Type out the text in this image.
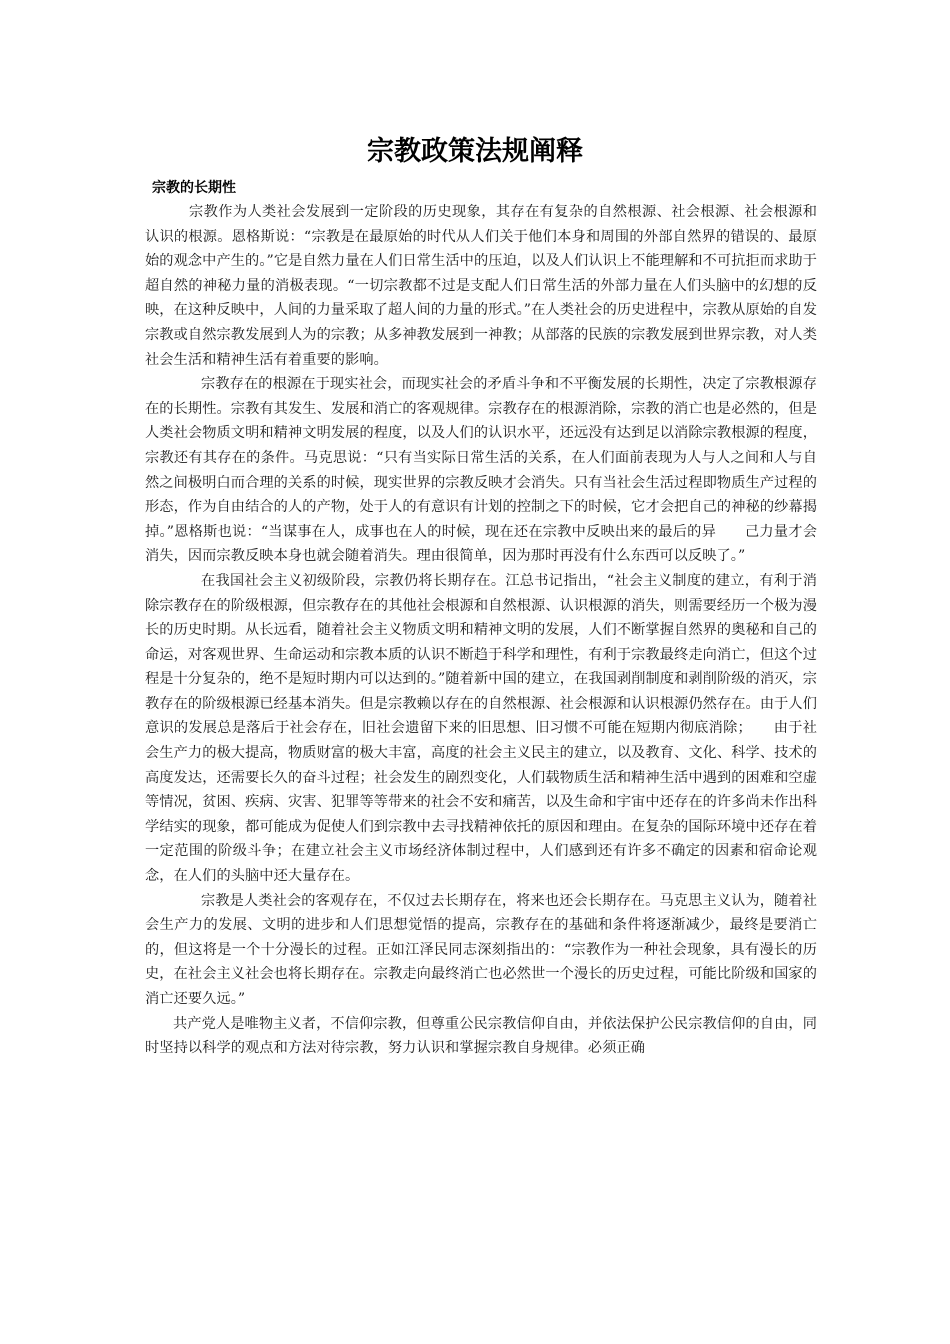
宗教政策法规阐释
宗教的长期性

宗教作为人类社会发展到一定阶段的历史现象，其存在有复杂的自然根源、社会根源、社会根源和认识的根源。恩格斯说：“宗教是在最原始的时代从人们关于他们本身和周围的外部自然界的错误的、最原始的观念中产生的。”它是自然力量在人们日常生活中的压迫，以及人们认识上不能理解和不可抗拒而求助于超自然的神秘力量的消极表现。“一切宗教都不过是支配人们日常生活的外部力量在人们头脑中的幻想的反映，在这种反映中，人间的力量采取了超人间的力量的形式。”在人类社会的历史进程中，宗教从原始的自发宗教或自然宗教发展到人为的宗教；从多神教发展到一神教；从部落的民族的宗教发展到世界宗教，对人类社会生活和精神生活有着重要的影响。

宗教存在的根源在于现实社会，而现实社会的矛盾斗争和不平衡发展的长期性，决定了宗教根源存在的长期性。宗教有其发生、发展和消亡的客观规律。宗教存在的根源消除，宗教的消亡也是必然的，但是人类社会物质文明和精神文明发展的程度，以及人们的认识水平，还远没有达到足以消除宗教根源的程度，宗教还有其存在的条件。马克思说：“只有当实际日常生活的关系，在人们面前表现为人与人之间和人与自然之间极明白而合理的关系的时候，现实世界的宗教反映才会消失。只有当社会生活过程即物质生产过程的形态，作为自由结合的人的产物，处于人的有意识有计划的控制之下的时候，它才会把自己的神秘的纱幕揭掉。”恩格斯也说：“当谋事在人，成事也在人的时候，现在还在宗教中反映出来的最后的异　　己力量才会消失，因而宗教反映本身也就会随着消失。理由很简单，因为那时再没有什么东西可以反映了。”

在我国社会主义初级阶段，宗教仍将长期存在。江总书记指出，“社会主义制度的建立，有利于消除宗教存在的阶级根源，但宗教存在的其他社会根源和自然根源、认识根源的消失，则需要经历一个极为漫长的历史时期。从长远看，随着社会主义物质文明和精神文明的发展，人们不断掌握自然界的奥秘和自己的命运，对客观世界、生命运动和宗教本质的认识不断趋于科学和理性，有利于宗教最终走向消亡，但这个过程是十分复杂的，绝不是短时期内可以达到的。”随着新中国的建立，在我国剥削制度和剥削阶级的消灭，宗教存在的阶级根源已经基本消失。但是宗教赖以存在的自然根源、社会根源和认识根源仍然存在。由于人们意识的发展总是落后于社会存在，旧社会遗留下来的旧思想、旧习惯不可能在短期内彻底消除；　　由于社会生产力的极大提高，物质财富的极大丰富，高度的社会主义民主的建立，以及教育、文化、科学、技术的高度发达，还需要长久的奋斗过程；社会发生的剧烈变化，人们载物质生活和精神生活中遇到的困难和空虚等情况，贫困、疾病、灾害、犯罪等等带来的社会不安和痛苦，以及生命和宇宙中还存在的许多尚未作出科学结实的现象，都可能成为促使人们到宗教中去寻找精神依托的原因和理由。在复杂的国际环境中还存在着一定范围的阶级斗争；在建立社会主义市场经济体制过程中，人们感到还有许多不确定的因素和宿命论观念，在人们的头脑中还大量存在。

宗教是人类社会的客观存在，不仅过去长期存在，将来也还会长期存在。马克思主义认为，随着社会生产力的发展、文明的进步和人们思想觉悟的提高，宗教存在的基础和条件将逐渐减少，最终是要消亡的，但这将是一个十分漫长的过程。正如江泽民同志深刻指出的：“宗教作为一种社会现象，具有漫长的历史，在社会主义社会也将长期存在。宗教走向最终消亡也必然世一个漫长的历史过程，可能比阶级和国家的消亡还要久远。”

共产党人是唯物主义者，不信仰宗教，但尊重公民宗教信仰自由，并依法保护公民宗教信仰的自由，同时坚持以科学的观点和方法对待宗教，努力认识和掌握宗教自身规律。必须正确
